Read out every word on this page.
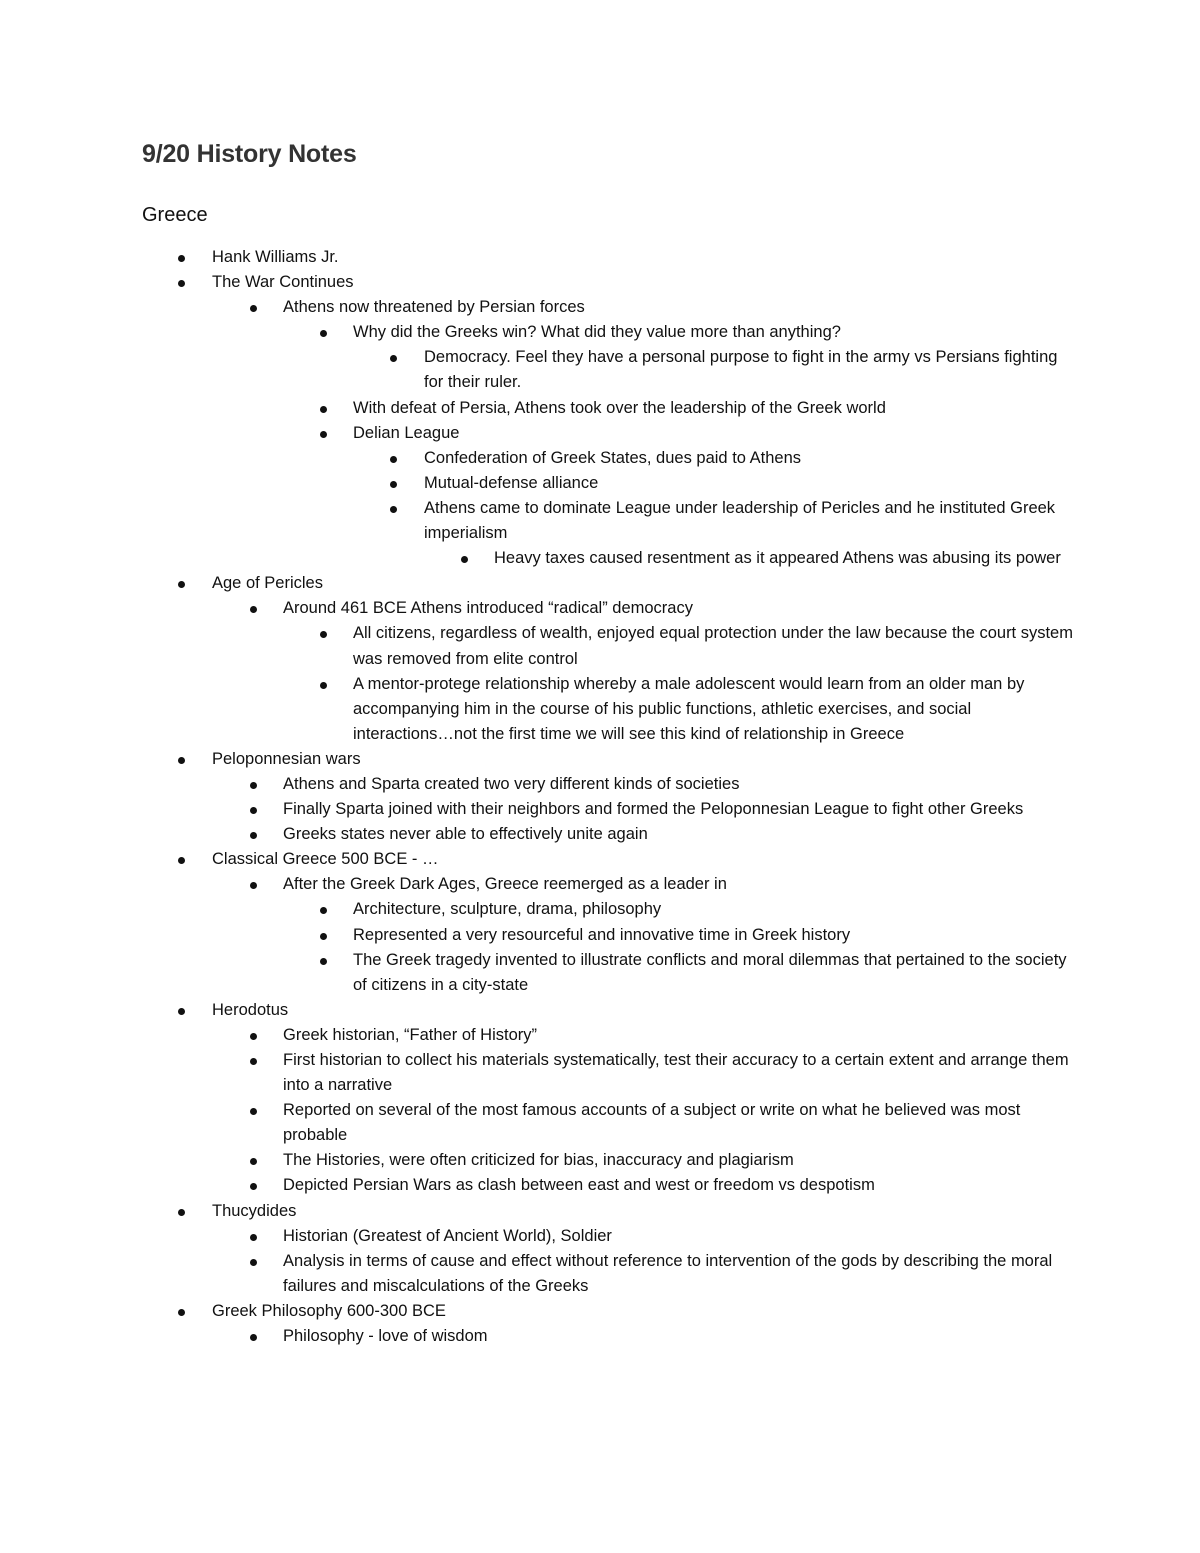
9/20 History Notes
Greece
Hank Williams Jr.
The War Continues
Athens now threatened by Persian forces
Why did the Greeks win? What did they value more than anything?
Democracy. Feel they have a personal purpose to fight in the army vs Persians fighting for their ruler.
With defeat of Persia, Athens took over the leadership of the Greek world
Delian League
Confederation of Greek States, dues paid to Athens
Mutual-defense alliance
Athens came to dominate League under leadership of Pericles and he instituted Greek imperialism
Heavy taxes caused resentment as it appeared Athens was abusing its power
Age of Pericles
Around 461 BCE Athens introduced “radical” democracy
All citizens, regardless of wealth, enjoyed equal protection under the law because the court system was removed from elite control
A mentor-protege relationship whereby a male adolescent would learn from an older man by accompanying him in the course of his public functions, athletic exercises, and social interactions…not the first time we will see this kind of relationship in Greece
Peloponnesian wars
Athens and Sparta created two very different kinds of societies
Finally Sparta joined with their neighbors and formed the Peloponnesian League to fight other Greeks
Greeks states never able to effectively unite again
Classical Greece 500 BCE - …
After the Greek Dark Ages, Greece reemerged as a leader in
Architecture, sculpture, drama, philosophy
Represented a very resourceful and innovative time in Greek history
The Greek tragedy invented to illustrate conflicts and moral dilemmas that pertained to the society of citizens in a city-state
Herodotus
Greek historian, “Father of History”
First historian to collect his materials systematically, test their accuracy to a certain extent and arrange them into a narrative
Reported on several of the most famous accounts of a subject or write on what he believed was most probable
The Histories, were often criticized for bias, inaccuracy and plagiarism
Depicted Persian Wars as clash between east and west or freedom vs despotism
Thucydides
Historian (Greatest of Ancient World), Soldier
Analysis in terms of cause and effect without reference to intervention of the gods by describing the moral failures and miscalculations of the Greeks
Greek Philosophy 600-300 BCE
Philosophy - love of wisdom
